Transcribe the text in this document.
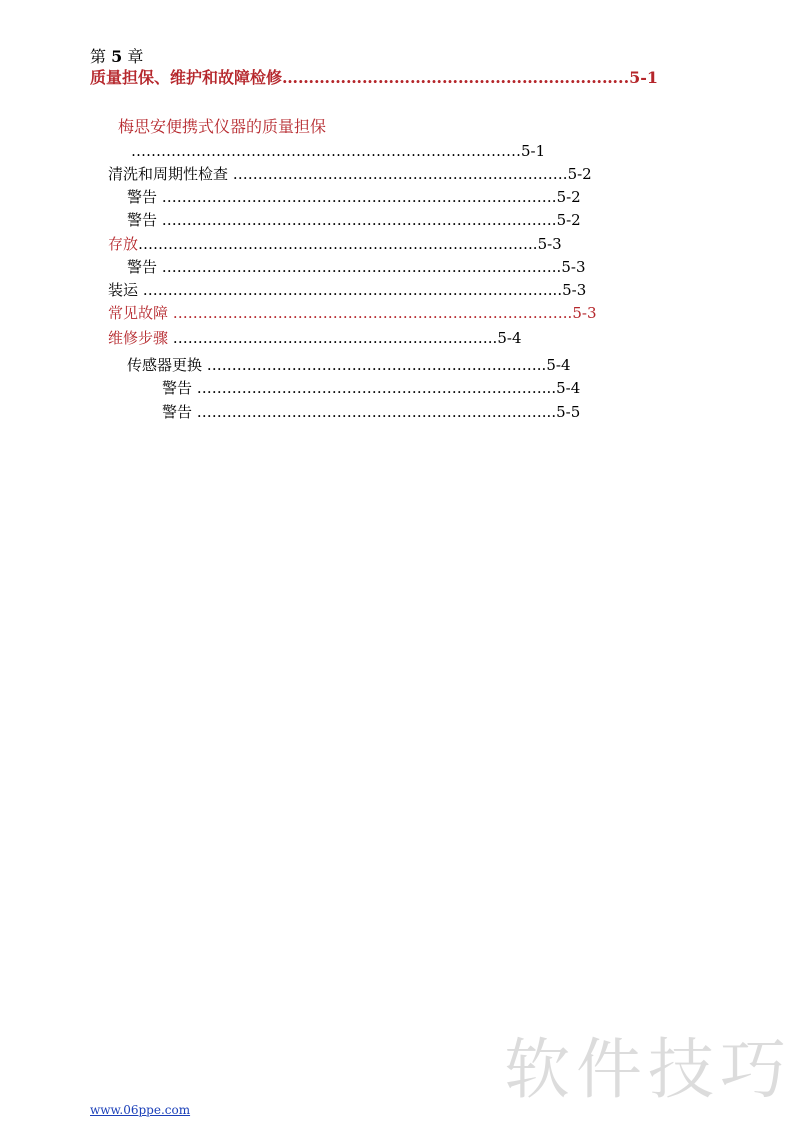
第 5 章
质量担保、维护和故障检修………………………………………………………..5-1
梅思安便携式仪器的质量担保
……………………………………………………………………5-1
清洗和周期性检查 ………………………………………………………….5-2
警告 …………………………………………………………………….5-2
警告 …………………………………………………………………….5-2
存放……………………………………………………………………..5-3
警告 ……………………………………………………………………..5-3
装运 ………………………………………………………………………...5-3
常见故障 ……………………………………………………………………..5-3
维修步骤 ………………………………………………………..5-4
传感器更换 …………………………………………………………..5-4
警告 ……………………………………………………………...5-4
警告 ……………………………………………………………...5-5
软件技巧
www.06ppe.com
